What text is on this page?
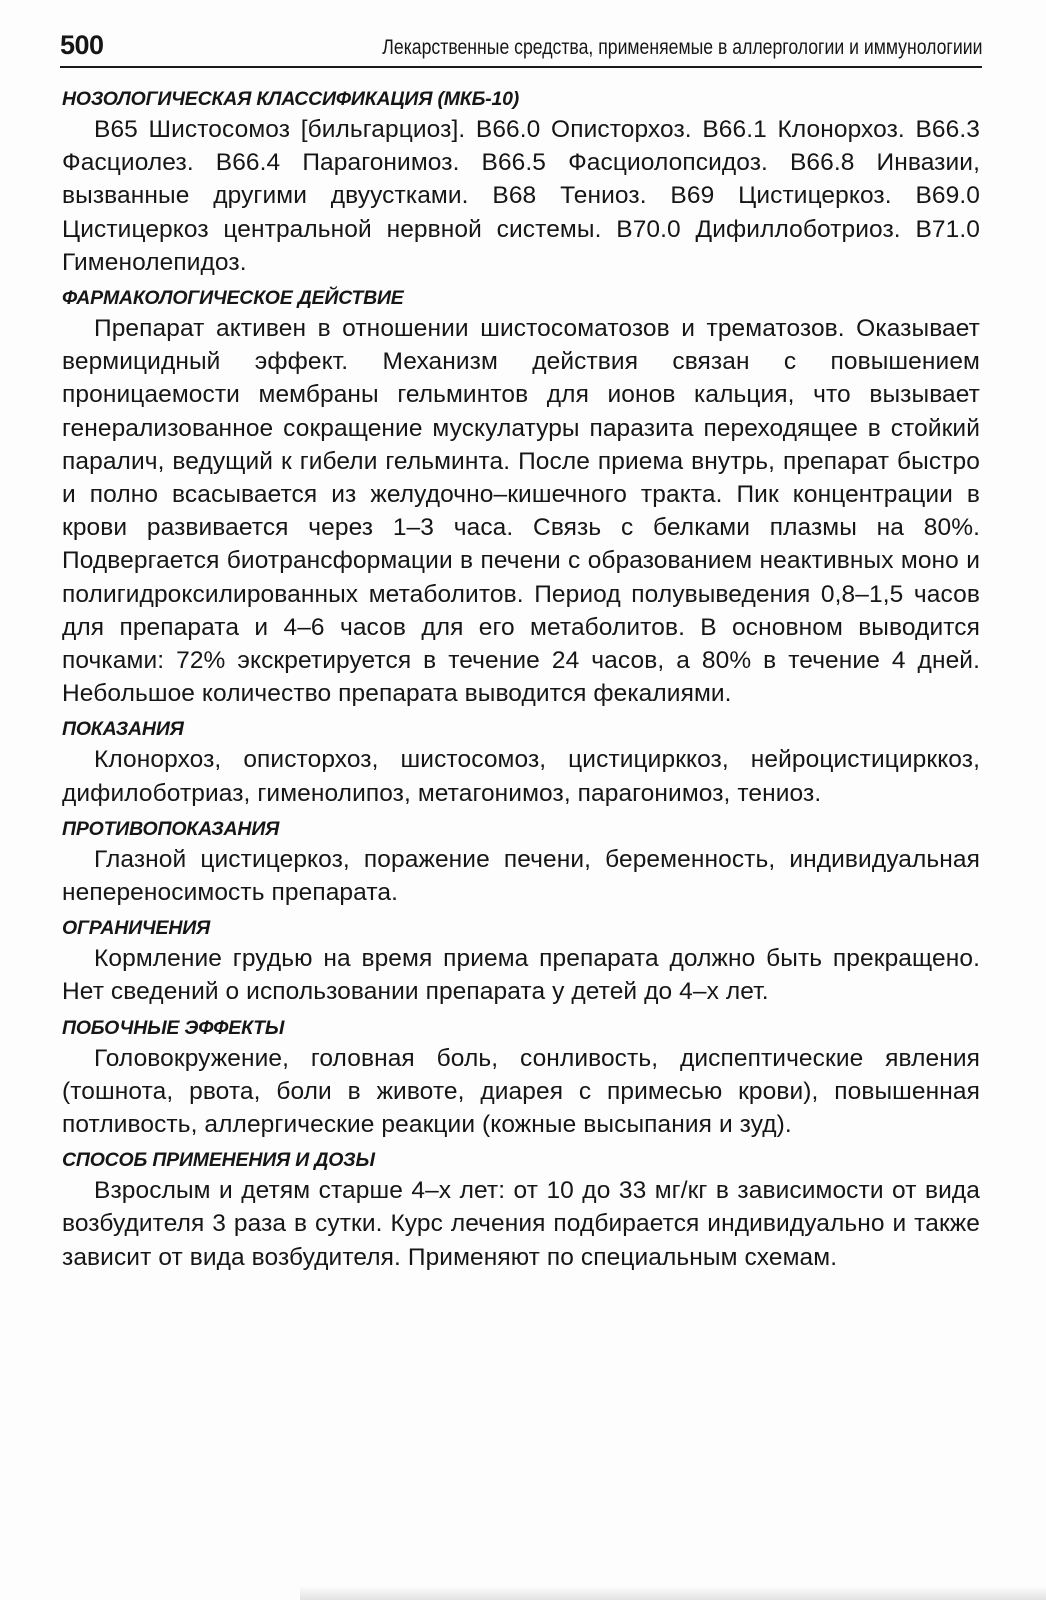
500	Лекарственные средства, применяемые в аллергологии и иммунологиии
НОЗОЛОГИЧЕСКАЯ КЛАССИФИКАЦИЯ (МКБ-10)

В65 Шистосомоз [бильгарциоз]. В66.0 Описторхоз. В66.1 Клонорхоз. В66.3 Фасциолез. В66.4 Парагонимоз. В66.5 Фасциолопсидоз. В66.8 Инвазии, вызванные другими двуустками. В68 Тениоз. В69 Цистицеркоз. В69.0 Цистицеркоз центральной нервной системы. В70.0 Дифиллоботриоз. В71.0 Гименолепидоз.

ФАРМАКОЛОГИЧЕСКОЕ ДЕЙСТВИЕ

Препарат активен в отношении шистосоматозов и трематозов. Оказывает вермицидный эффект. Механизм действия связан с повышением проницаемости мембраны гельминтов для ионов кальция, что вызывает генерализованное сокращение мускулатуры паразита переходящее в стойкий паралич, ведущий к гибели гельминта. После приема внутрь, препарат быстро и полно всасывается из желудочно–кишечного тракта. Пик концентрации в крови развивается через 1–3 часа. Связь с белками плазмы на 80%. Подвергается биотрансформации в печени с образованием неактивных моно и полигидроксилированных метаболитов. Период полувыведения 0,8–1,5 часов для препарата и 4–6 часов для его метаболитов. В основном выводится почками: 72% экскретируется в течение 24 часов, а 80% в течение 4 дней. Небольшое количество препарата выводится фекалиями.

ПОКАЗАНИЯ

Клонорхоз, описторхоз, шистосомоз, цистицирккоз, нейроцистицирккоз, дифилоботриаз, гименолипоз, метагонимоз, парагонимоз, тениоз.

ПРОТИВОПОКАЗАНИЯ

Глазной цистицеркоз, поражение печени, беременность, индивидуальная непереносимость препарата.

ОГРАНИЧЕНИЯ

Кормление грудью на время приема препарата должно быть прекращено. Нет сведений о использовании препарата у детей до 4–х лет.

ПОБОЧНЫЕ ЭФФЕКТЫ

Головокружение, головная боль, сонливость, диспептические явления (тошнота, рвота, боли в животе, диарея с примесью крови), повышенная потливость, аллергические реакции (кожные высыпания и зуд).

СПОСОБ ПРИМЕНЕНИЯ И ДОЗЫ

Взрослым и детям старше 4–х лет: от 10 до 33 мг/кг в зависимости от вида возбудителя 3 раза в сутки. Курс лечения подбирается индивидуально и также зависит от вида возбудителя. Применяют по специальным схемам.
